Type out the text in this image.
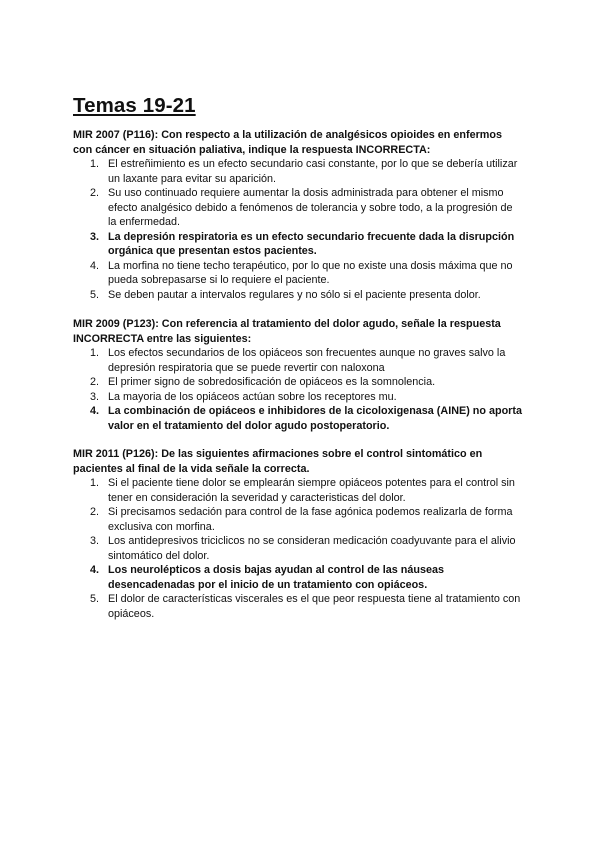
Temas 19-21

MIR 2007 (P116): Con respecto a la utilización de analgésicos opioides en enfermos con cáncer en situación paliativa, indique la respuesta INCORRECTA:

1. El estreñimiento es un efecto secundario casi constante, por lo que se debería utilizar un laxante para evitar su aparición.
2. Su uso continuado requiere aumentar la dosis administrada para obtener el mismo efecto analgésico debido a fenómenos de tolerancia y sobre todo, a la progresión de la enfermedad.
3. La depresión respiratoria es un efecto secundario frecuente dada la disrupción orgánica que presentan estos pacientes.
4. La morfina no tiene techo terapéutico, por lo que no existe una dosis máxima que no pueda sobrepasarse si lo requiere el paciente.
5. Se deben pautar a intervalos regulares y no sólo si el paciente presenta dolor.

MIR 2009 (P123): Con referencia al tratamiento del dolor agudo, señale la respuesta INCORRECTA entre las siguientes:

1. Los efectos secundarios de los opiáceos son frecuentes aunque no graves salvo la depresión respiratoria que se puede revertir con naloxona
2. El primer signo de sobredosificación de opiáceos es la somnolencia.
3. La mayoria de los opiáceos actúan sobre los receptores mu.
4. La combinación de opiáceos e inhibidores de la cicoloxigenasa (AINE) no aporta valor en el tratamiento del dolor agudo postoperatorio.

MIR 2011 (P126): De las siguientes afirmaciones sobre el control sintomático en pacientes al final de la vida señale la correcta.

1. Si el paciente tiene dolor se emplearán siempre opiáceos potentes para el control sin tener en consideración la severidad y caracteristicas del dolor.
2. Si precisamos sedación para control de la fase agónica podemos realizarla de forma exclusiva con morfina.
3. Los antidepresivos triciclicos no se consideran medicación coadyuvante para el alivio sintomático del dolor.
4. Los neurolépticos a dosis bajas ayudan al control de las náuseas desencadenadas por el inicio de un tratamiento con opiáceos.
5. El dolor de características viscerales es el que peor respuesta tiene al tratamiento con opiáceos.
